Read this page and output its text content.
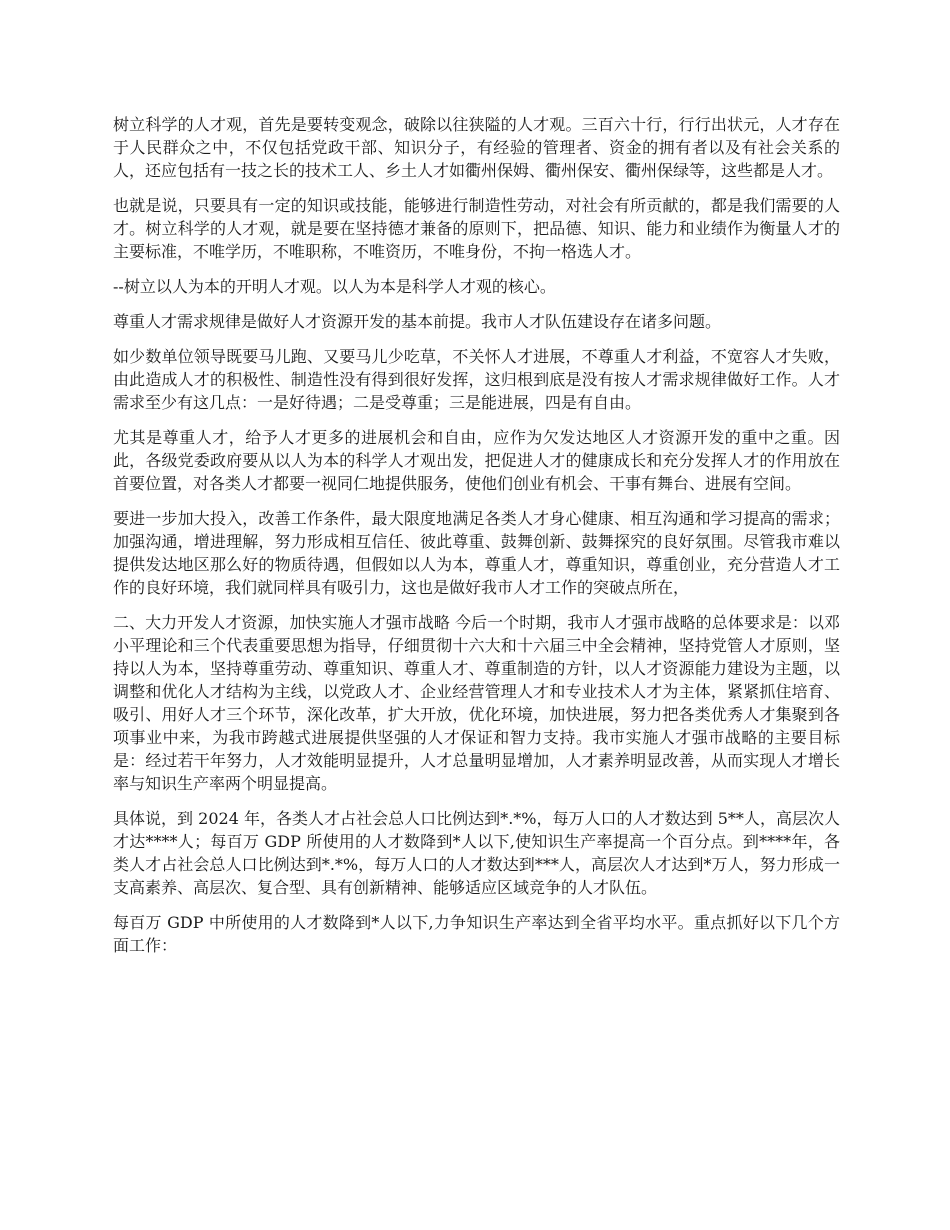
树立科学的人才观，首先是要转变观念，破除以往狭隘的人才观。三百六十行，行行出状元，人才存在于人民群众之中，不仅包括党政干部、知识分子，有经验的管理者、资金的拥有者以及有社会关系的人，还应包括有一技之长的技术工人、乡土人才如衢州保姆、衢州保安、衢州保绿等，这些都是人才。

也就是说，只要具有一定的知识或技能，能够进行制造性劳动，对社会有所贡献的，都是我们需要的人才。树立科学的人才观，就是要在坚持德才兼备的原则下，把品德、知识、能力和业绩作为衡量人才的主要标准，不唯学历，不唯职称，不唯资历，不唯身份，不拘一格选人才。

--树立以人为本的开明人才观。以人为本是科学人才观的核心。

尊重人才需求规律是做好人才资源开发的基本前提。我市人才队伍建设存在诸多问题。

如少数单位领导既要马儿跑、又要马儿少吃草，不关怀人才进展，不尊重人才利益，不宽容人才失败，由此造成人才的积极性、制造性没有得到很好发挥，这归根到底是没有按人才需求规律做好工作。人才需求至少有这几点：一是好待遇；二是受尊重；三是能进展，四是有自由。

尤其是尊重人才，给予人才更多的进展机会和自由，应作为欠发达地区人才资源开发的重中之重。因此，各级党委政府要从以人为本的科学人才观出发，把促进人才的健康成长和充分发挥人才的作用放在首要位置，对各类人才都要一视同仁地提供服务，使他们创业有机会、干事有舞台、进展有空间。

要进一步加大投入，改善工作条件，最大限度地满足各类人才身心健康、相互沟通和学习提高的需求；加强沟通，增进理解，努力形成相互信任、彼此尊重、鼓舞创新、鼓舞探究的良好氛围。尽管我市难以提供发达地区那么好的物质待遇，但假如以人为本，尊重人才，尊重知识，尊重创业，充分营造人才工作的良好环境，我们就同样具有吸引力，这也是做好我市人才工作的突破点所在，

二、大力开发人才资源，加快实施人才强市战略 今后一个时期，我市人才强市战略的总体要求是：以邓小平理论和三个代表重要思想为指导，仔细贯彻十六大和十六届三中全会精神，坚持党管人才原则，坚持以人为本，坚持尊重劳动、尊重知识、尊重人才、尊重制造的方针，以人才资源能力建设为主题，以调整和优化人才结构为主线，以党政人才、企业经营管理人才和专业技术人才为主体，紧紧抓住培育、吸引、用好人才三个环节，深化改革，扩大开放，优化环境，加快进展，努力把各类优秀人才集聚到各项事业中来，为我市跨越式进展提供坚强的人才保证和智力支持。我市实施人才强市战略的主要目标是：经过若干年努力，人才效能明显提升，人才总量明显增加，人才素养明显改善，从而实现人才增长率与知识生产率两个明显提高。

具体说，到 2024 年，各类人才占社会总人口比例达到*.*%，每万人口的人才数达到 5**人，高层次人才达****人；每百万 GDP 所使用的人才数降到*人以下,使知识生产率提高一个百分点。到****年，各类人才占社会总人口比例达到*.*%，每万人口的人才数达到***人，高层次人才达到*万人，努力形成一支高素养、高层次、复合型、具有创新精神、能够适应区域竞争的人才队伍。

每百万 GDP 中所使用的人才数降到*人以下,力争知识生产率达到全省平均水平。重点抓好以下几个方面工作：
